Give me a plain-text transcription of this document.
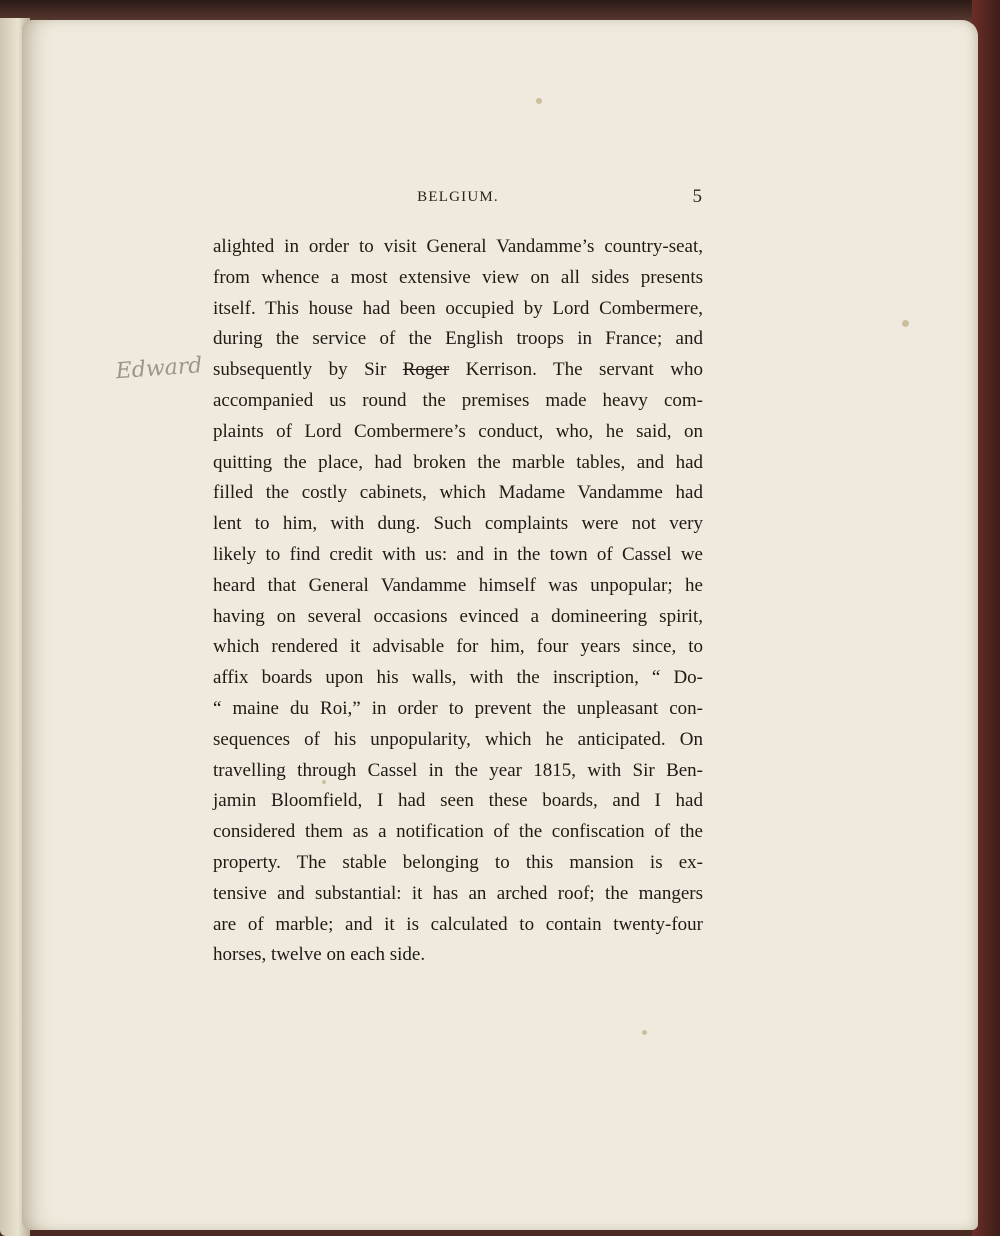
BELGIUM.	5
Edward
alighted in order to visit General Vandamme’s country-seat,
from whence a most extensive view on all sides presents
itself. This house had been occupied by Lord Combermere,
during the service of the English troops in France; and
subsequently by Sir Roger Kerrison. The servant who
accompanied us round the premises made heavy com-
plaints of Lord Combermere’s conduct, who, he said, on
quitting the place, had broken the marble tables, and had
filled the costly cabinets, which Madame Vandamme had
lent to him, with dung. Such complaints were not very
likely to find credit with us: and in the town of Cassel we
heard that General Vandamme himself was unpopular; he
having on several occasions evinced a domineering spirit,
which rendered it advisable for him, four years since, to
affix boards upon his walls, with the inscription, “ Do-
“ maine du Roi,” in order to prevent the unpleasant con-
sequences of his unpopularity, which he anticipated. On
travelling through Cassel in the year 1815, with Sir Ben-
jamin Bloomfield, I had seen these boards, and I had
considered them as a notification of the confiscation of the
property. The stable belonging to this mansion is ex-
tensive and substantial: it has an arched roof; the mangers
are of marble; and it is calculated to contain twenty-four
horses, twelve on each side.
